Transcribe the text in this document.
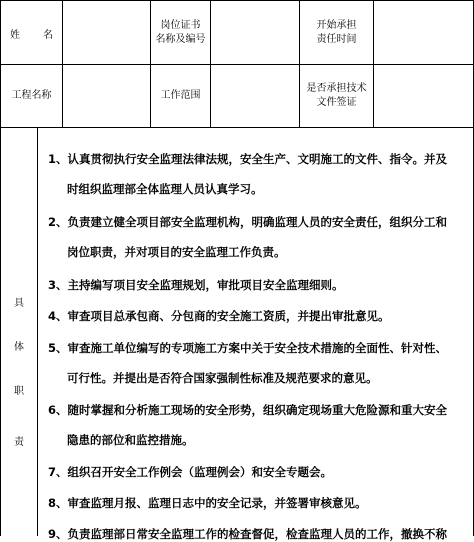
姓 名
岗位证书
名称及编号
开始承担
责任时间
工程名称	工作范围
是否承担技术
文件签证
具
体
职
责
1、认真贯彻执行安全监理法律法规，安全生产、文明施工的文件、指令。并及
时组织监理部全体监理人员认真学习。
2、负责建立健全项目部安全监理机构，明确监理人员的安全责任，组织分工和
岗位职责，并对项目的安全监理工作负责。
3、主持编写项目安全监理规划，审批项目安全监理细则。
4、审查项目总承包商、分包商的安全施工资质，并提出审批意见。
5、审查施工单位编写的专项施工方案中关于安全技术措施的全面性、针对性、
可行性。并提出是否符合国家强制性标准及规范要求的意见。
6、随时掌握和分析施工现场的安全形势，组织确定现场重大危险源和重大安全
隐患的部位和监控措施。
7、组织召开安全工作例会（监理例会）和安全专题会。
8、审查监理月报、监理日志中的安全记录，并签署审核意见。
9、负责监理部日常安全监理工作的检查督促，检查监理人员的工作，撤换不称
